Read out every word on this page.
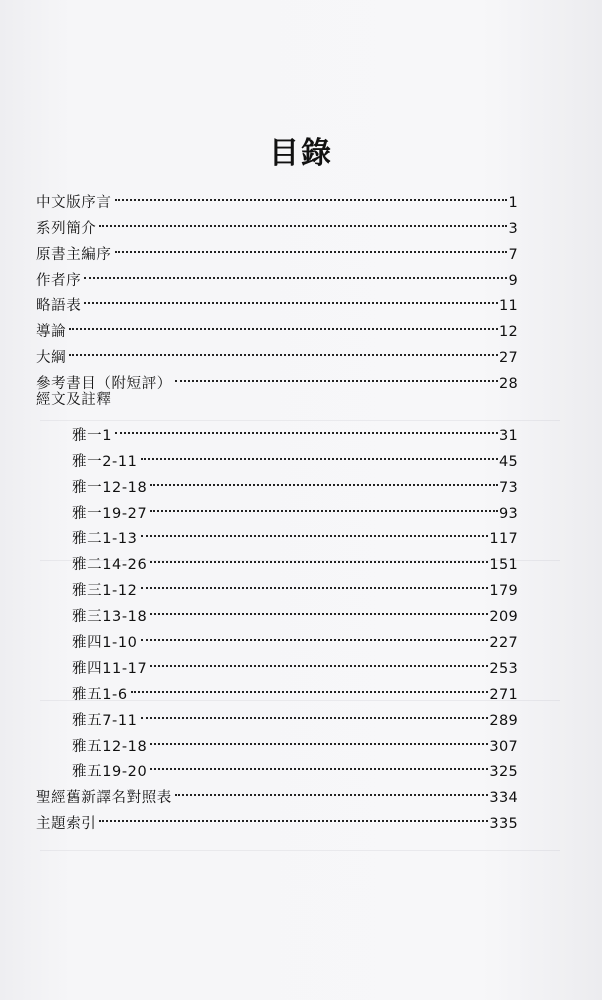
目錄
中文版序言	1
系列簡介	3
原書主編序	7
作者序	9
略語表	11
導論	12
大綱	27
參考書目（附短評）	28
經文及註釋
雅一1	31
雅一2-11	45
雅一12-18	73
雅一19-27	93
雅二1-13	117
雅二14-26	151
雅三1-12	179
雅三13-18	209
雅四1-10	227
雅四11-17	253
雅五1-6	271
雅五7-11	289
雅五12-18	307
雅五19-20	325
聖經舊新譯名對照表	334
主題索引	335
